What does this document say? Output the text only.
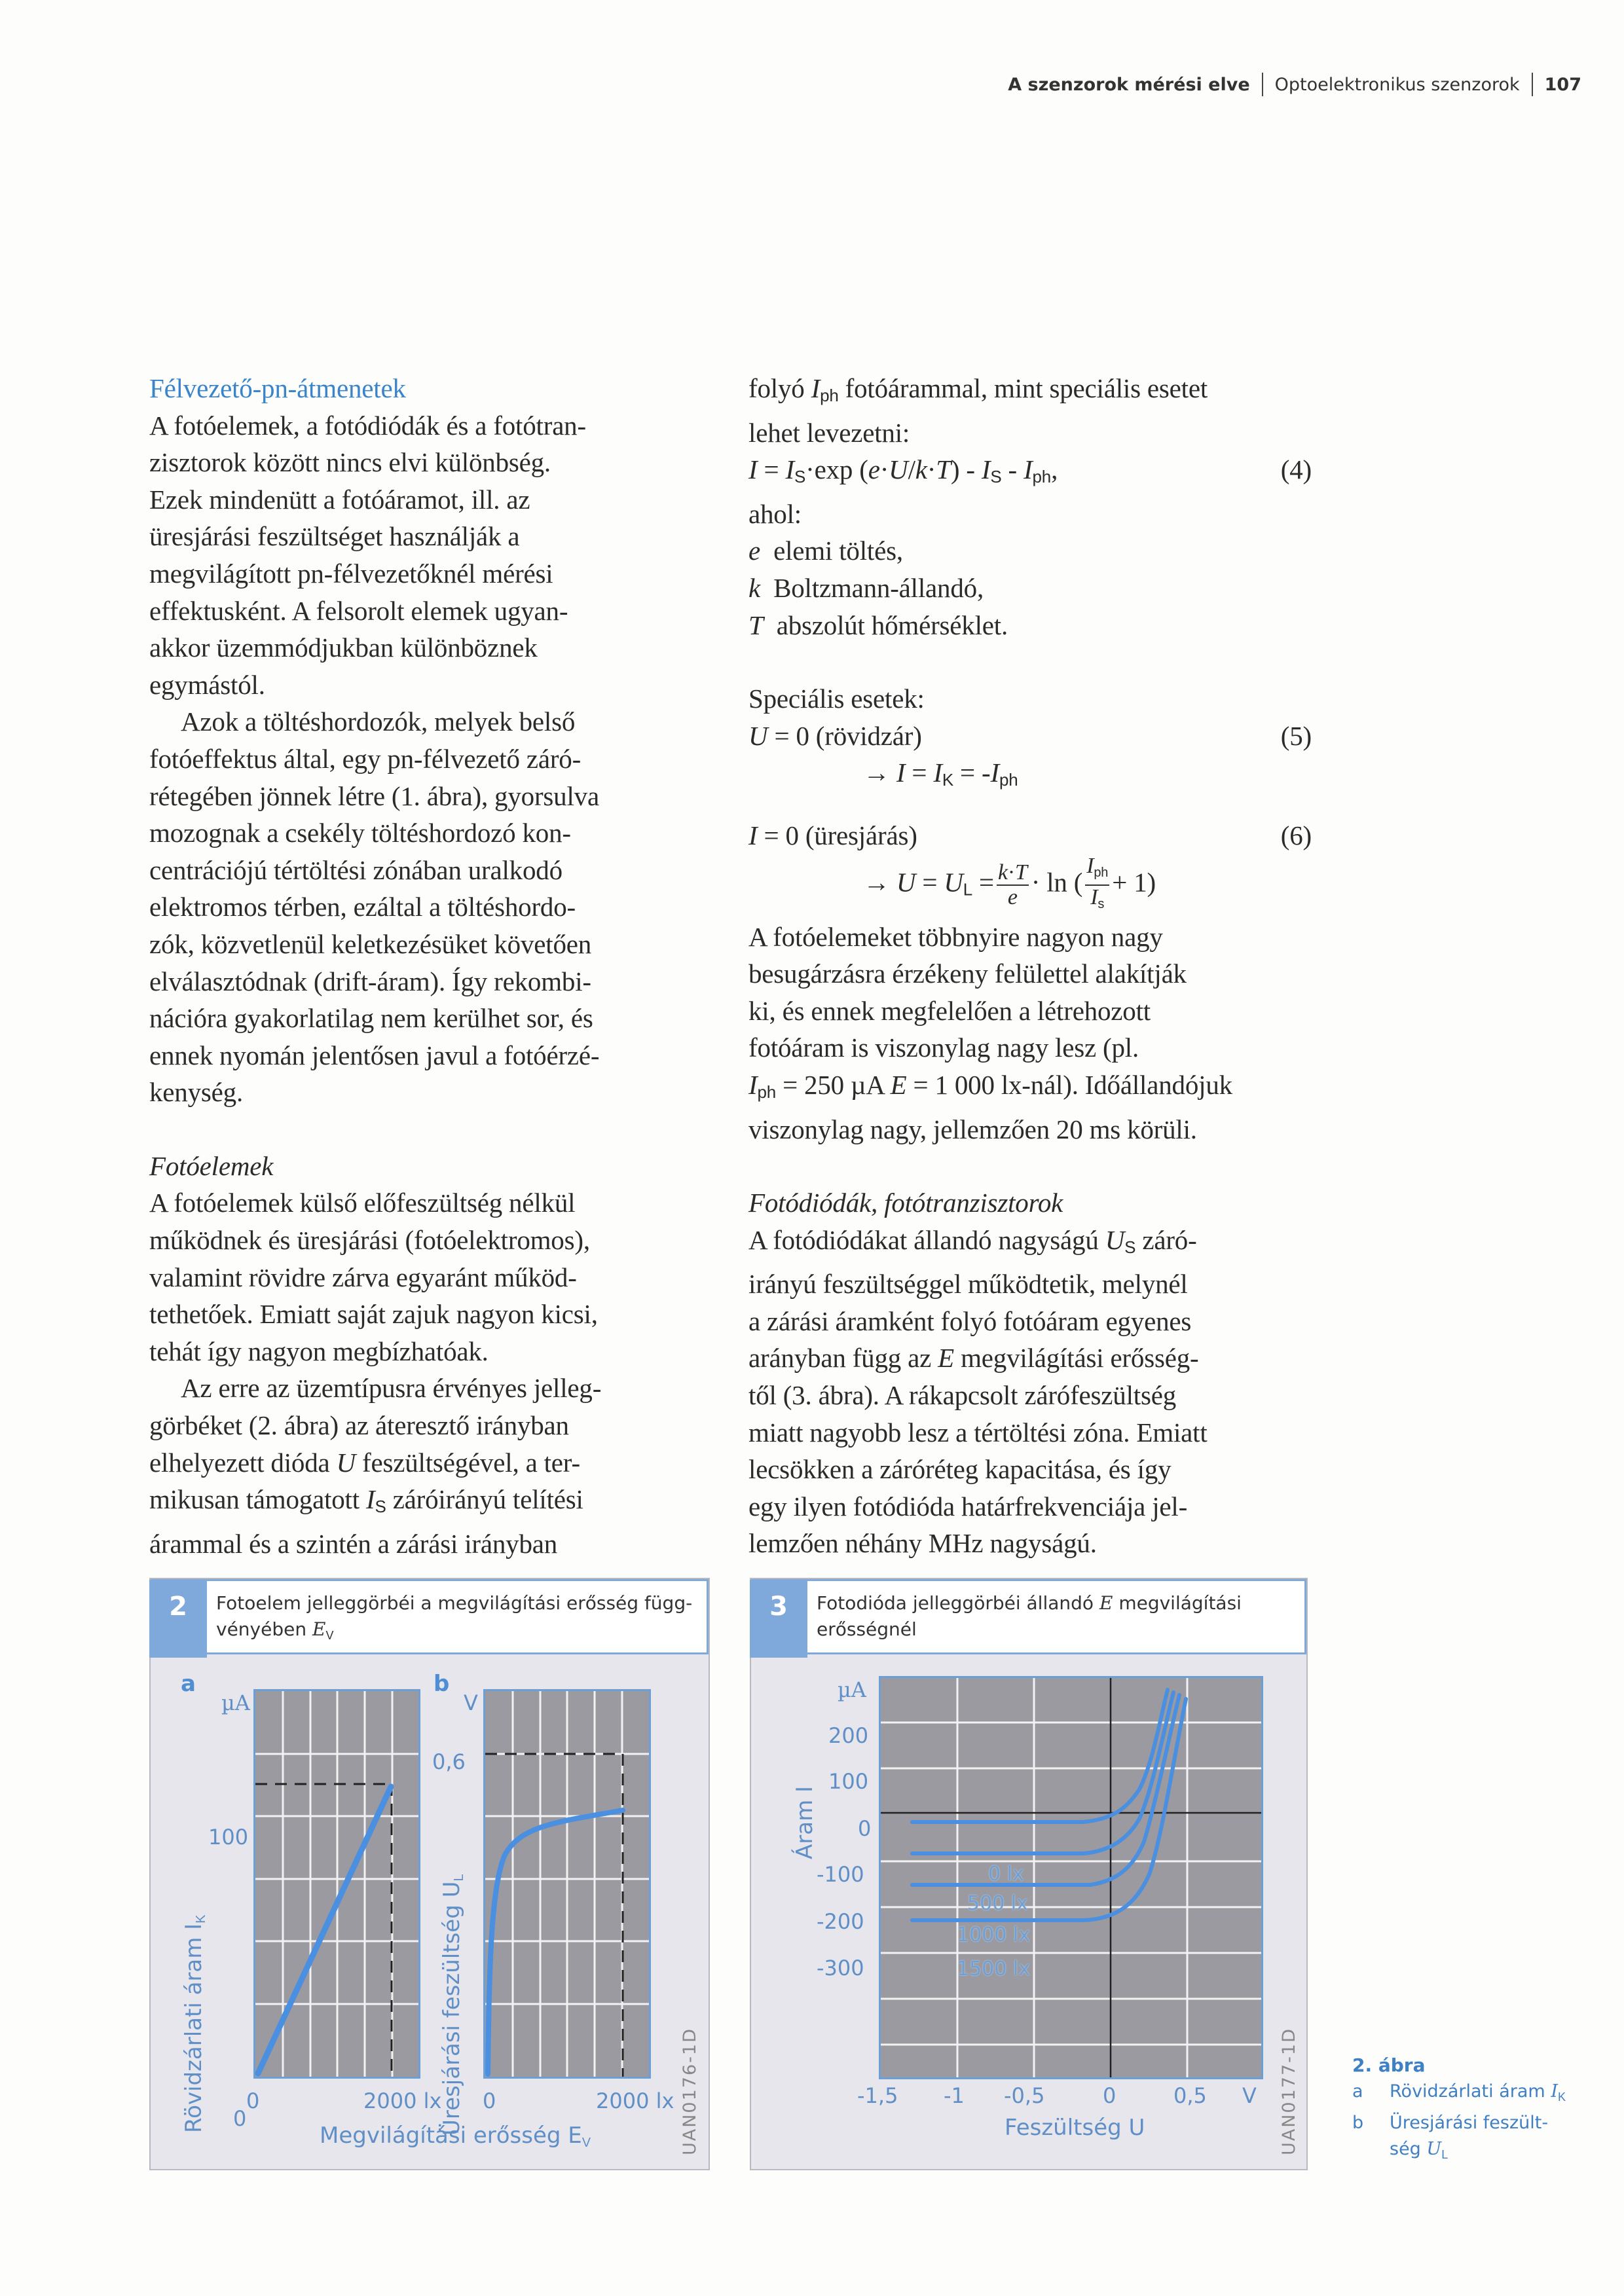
A szenzorok mérési elve Optoelektronikus szenzorok 107

Félvezető-pn-átmenetek

A fotóelemek, a fotódiódák és a fotótran-

zisztorok között nincs elvi különbség.

Ezek mindenütt a fotóáramot, ill. az

üresjárási feszültséget használják a

megvilágított pn-félvezetőknél mérési

effektusként. A felsorolt elemek ugyan-

akkor üzemmódjukban különböznek

egymástól.

Azok a töltéshordozók, melyek belső

fotóeffektus által, egy pn-félvezető záró-

rétegében jönnek létre (1. ábra), gyorsulva

mozognak a csekély töltéshordozó kon-

centrációjú tértöltési zónában uralkodó

elektromos térben, ezáltal a töltéshordo-

zók, közvetlenül keletkezésüket követően

elválasztódnak (drift-áram). Így rekombi-

nációra gyakorlatilag nem kerülhet sor, és

ennek nyomán jelentősen javul a fotóérzé-

kenység.

Fotóelemek

A fotóelemek külső előfeszültség nélkül

működnek és üresjárási (fotóelektromos),

valamint rövidre zárva egyaránt működ-

tethetőek. Emiatt saját zajuk nagyon kicsi,

tehát így nagyon megbízhatóak.

Az erre az üzemtípusra érvényes jelleg-

görbéket (2. ábra) az áteresztő irányban

elhelyezett dióda U feszültségével, a ter-

mikusan támogatott $I_S$ záróirányú telítési

árammal és a szintén a zárási irányban

folyó $I_{ph}$ fotóárammal, mint speciális esetet

lehet levezetni:

$I = I_S\cdot\exp$ $(e\cdot U/k\cdot T) - I_S - I_{ph}$,	(4)

ahol:

e elemi töltés,

k Boltzmann-állandó,

T abszolút hőmérséklet.

Speciális esetek:

U = 0 (rövidzár)	(5)

→ $I = I_K = -I_{ph}$

I = 0 (üresjárás)	(6)

→ $U = U_L = \frac{k\cdot T}{e} \cdot \ln$ ( $\frac{I_{ph}}{I_s} + 1$)

A fotóelemeket többnyire nagyon nagy

besugárzásra érzékeny felülettel alakítják

ki, és ennek megfelelően a létrehozott

fotóáram is viszonylag nagy lesz (pl.

$I_{ph} = 250$ µA E = 1 000 lx-nál). Időállandójuk

viszonylag nagy, jellemzően 20 ms körüli.

Fotódiódák, fotótranzisztorok

A fotódiódákat állandó nagyságú $U_S$ záró-

irányú feszültséggel működtetik, melynél

a zárási áramként folyó fotóáram egyenes

arányban függ az E megvilágítási erősség-

től (3. ábra). A rákapcsolt zárófeszültség

miatt nagyobb lesz a tértöltési zóna. Emiatt

lecsökken a záróréteg kapacitása, és így

egy ilyen fotódióda határfrekvenciája jel-

lemzően néhány MHz nagyságú.

2	Fotoelem jelleggörbéi a megvilágítási erősség függ-
vényében $E_V$
a
µA
100
0
Rövidzárlati áram $I_K$
0	2000 lx
b
V
0,6
Üresjárási feszültség $U_L$
0	2000 lx
Megvilágítási erősség $E_V$	UAN0176-1D
3	Fotodióda jelleggörbéi állandó E megvilágítási
erősségnél
µA
200
100
0
-100
-200
-300
Áram I
0 lx
500 lx
1000 lx
1500 lx
-1,5 -1 -0,5	0	0,5 V
Feszültség U	UAN0177-1D	2. ábra
a	Rövidzárlati áram $I_K$
b	Üresjárási feszült-
ség $U_L$
